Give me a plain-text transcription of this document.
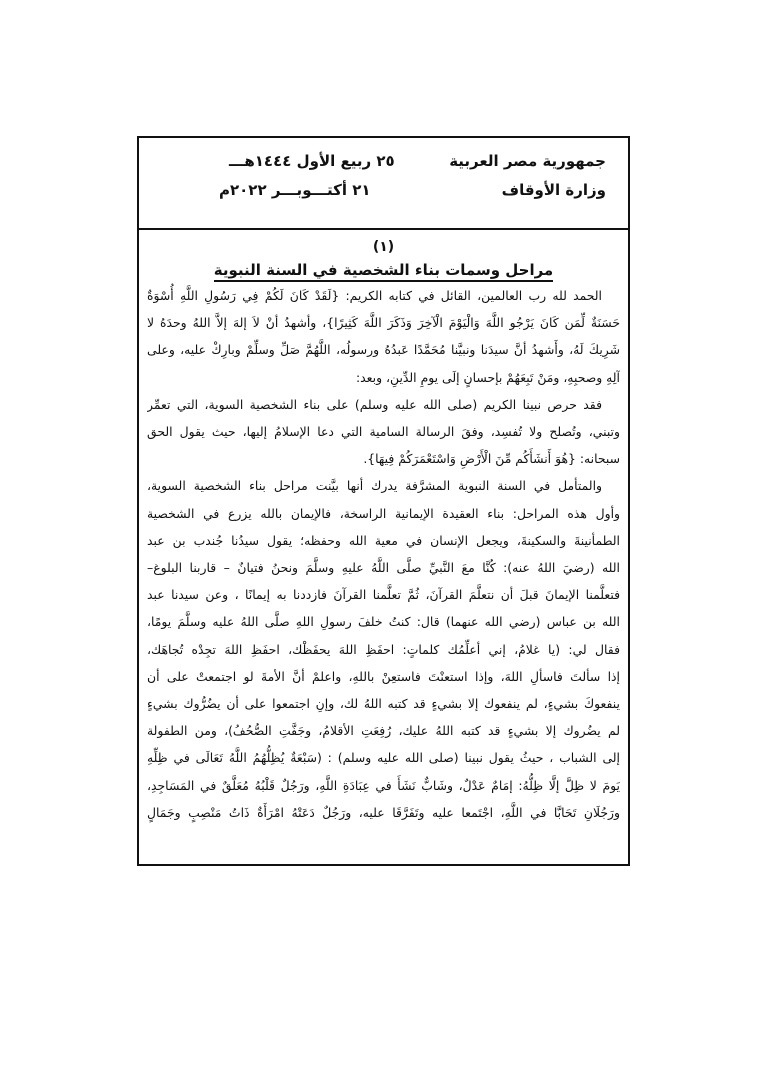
جمهورية مصر العربية
وزارة الأوقاف
٢٥ ربيع الأول ١٤٤٤هـــ
٢١ أكتـــوبـــر ٢٠٢٢م
(١)
مراحل وسمات بناء الشخصية في السنة النبوية

الحمد لله رب العالمين، القائل في كتابه الكريم: {لَقَدْ كَانَ لَكُمْ فِي رَسُولِ اللَّهِ أُسْوَةٌ
حَسَنَةٌ لِّمَن كَانَ يَرْجُو اللَّهَ وَالْيَوْمَ الْآخِرَ وَذَكَرَ اللَّهَ كَثِيرًا}، وأشهدُ أنْ لاَ إلهَ إلاَّ اللهُ وحدَهُ لا
شَرِيكَ لَهُ، وأَشهدُ أنَّ سيدَنا ونبيَّنا مُحَمَّدًا عَبدُهُ ورسولُه، اللَّهُمَّ صَلِّ وسلِّمْ وبارِكْ عليه، وعلى
آلِهِ وصحبِهِ، ومَنْ تَبِعَهُمْ بإحسانٍ إلَى يومِ الدِّينِ، وبعد:

فقد حرص نبينا الكريم (صلى الله عليه وسلم) على بناء الشخصية السوية، التي تعمِّر
وتبني، وتُصلح ولا تُفسِد، وفقَ الرسالة السامية التي دعا الإسلامُ إليها، حيث يقول الحق
سبحانه: {هُوَ أَنشَأَكُم مِّنَ الْأَرْضِ وَاسْتَعْمَرَكُمْ فِيهَا}.

والمتأمل في السنة النبوية المشرَّفة يدرك أنها بيَّنت مراحل بناء الشخصية السوية،
وأول هذه المراحل: بناء العقيدة الإيمانية الراسخة، فالإيمان بالله يزرع في الشخصية
الطمأنينةَ والسكينةَ، ويجعل الإنسان في معية الله وحفظه؛ يقول سيدُنا جُندب بن عبد
الله (رضيَ اللهُ عنه): كُنَّا معَ النَّبيِّ صلَّى اللَّهُ عليهِ وسلَّمَ ونحنُ فتيانٌ – قاربنا البلوغ–
فتعلَّمنا الإيمانَ قبلَ أن نتعلَّمَ القرآنَ، ثُمَّ تعلَّمنا القرآنَ فازددنا به إيمانًا ، وعن سيدنا عبد
الله بن عباس (رضي الله عنهما) قال: كنتُ خلفَ رسولِ اللهِ صلَّى اللهُ عليه وسلَّمَ يومًا،
فقال لي: (يا غلامُ، إني أعلِّمُك كلماتٍ: احفَظِ اللهَ يحفَظْك، احفَظِ اللهَ تجِدْه تُجاهَك،
إذا سألتَ فاسألِ اللهَ، وإذا استعنْتَ فاستعِنْ باللهِ، واعلمْ أنَّ الأمةَ لو اجتمعتْ على أن
ينفعوكَ بشيءٍ، لم ينفعوك إلا بشيءٍ قد كتبه اللهُ لك، وإنِ اجتمعوا على أن يضُرُّوك بشيءٍ
لم يضُروك إلا بشيءٍ قد كتبه اللهُ عليك، رُفِعَتِ الأقلامُ، وجَفَّتِ الصُّحُفُ)، ومن الطفولة
إلى الشباب ، حيثُ يقول نبينا (صلى الله عليه وسلم) : (سَبْعَةٌ يُظِلُّهُمُ اللَّهُ تَعَالَى في ظِلِّهِ
يَومَ لا ظِلَّ إلَّا ظِلُّهُ: إمَامٌ عَدْلٌ، وشَابٌّ نَشَأَ في عِبَادَةِ اللَّهِ، ورَجُلٌ قَلْبُهُ مُعَلَّقٌ في المَسَاجِدِ،
ورَجُلَانِ تَحَابَّا في اللَّهِ، اجْتَمعا عليه وتَفَرَّقَا عليه، ورَجُلٌ دَعَتْهُ امْرَأَةٌ ذَاتُ مَنْصِبٍ وجَمَالٍ
